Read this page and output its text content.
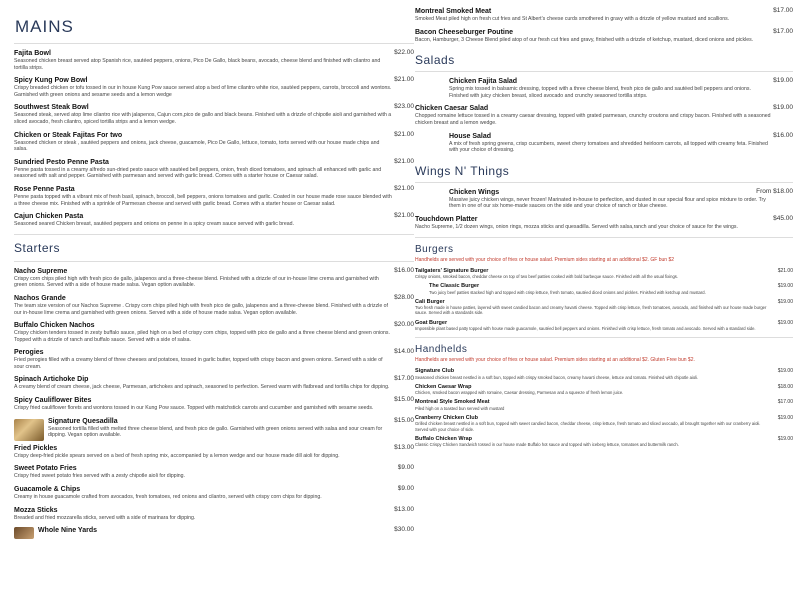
MAINS
Fajita Bowl	$22.00
Seasoned chicken breast served atop Spanish rice, sautéed peppers, onions, Pico De Gallo, black beans, avocado, cheese blend and finished with cilantro and tortilla strips.
Spicy Kung Pow Bowl	$21.00
Crispy breaded chicken or tofu tossed in our in house Kung Pow sauce served atop a bed of lime cilantro white rice, sautéed peppers, carrots, broccoli and wontons. Garnished with green onions and sesame seeds and a lemon wedge
Southwest Steak Bowl	$23.00
Seasoned steak, served atop lime cilantro rice with jalapenos, Cajun corn,pico de gallo and black beans. Finished with a drizzle of chipotle aioli and garnished with a sliced avocado, fresh cilantro, spiced tortilla strips and a lemon wedge.
Chicken or Steak Fajitas For two	$21.00
Seasoned chicken or steak , sautéed peppers and onions, jack cheese, guacamole, Pico De Gallo, lettuce, tomato, torts served with our house made chips and salsa.
Sundried Pesto Penne Pasta	$21.00
Penne pasta tossed in a creamy alfredo sun-dried pesto sauce with sautéed bell peppers, onion, fresh diced tomatoes, and spinach all enhanced with garlic and seasoned with salt and pepper. Garnished with parmesan and served with garlic bread. Comes with a starter house or Caesar salad.
Rose Penne Pasta	$21.00
Penne pasta topped with a vibrant mix of fresh basil, spinach, broccoli, bell peppers, onions tomatoes and garlic. Coated in our house made rose sauce blended with a three cheese mix. Finished with a sprinkle of Parmesan cheese and served with garlic bread. Comes with a starter house or Caesar salad.
Cajun Chicken Pasta	$21.00
Seasoned seared Chicken breast, sautéed peppers and onions on penne in a spicy cream sauce served with garlic bread.
Starters
Nacho Supreme	$16.00
Crispy corn chips piled high with fresh pico de gallo, jalapenos and a three-cheese blend. Finished with a drizzle of our in-house lime crema and garnished with green onions. Served with a side of house made salsa. Vegan option available.
Nachos Grande	$28.00
The team size version of our Nachos Supreme . Crispy corn chips piled high with fresh pico de gallo, jalapenos and a three-cheese blend. Finished with a drizzle of our in-house lime crema and garnished with green onions. Served with a side of house made salsa. Vegan option available.
Buffalo Chicken Nachos	$20.00
Crispy chicken tenders tossed in zesty buffalo sauce, piled high on a bed of crispy corn chips, topped with pico de gallo and a three cheese blend and green onions. Topped with a drizzle of ranch and buffalo sauce. Served with a side of salsa.
Perogies	$14.00
Fried perogies filled with a creamy blend of three cheeses and potatoes, tossed in garlic butter, topped with crispy bacon and green onions. Served with a side of sour cream.
Spinach Artichoke Dip	$17.00
A creamy blend of cream cheese, jack cheese, Parmesan, artichokes and spinach, seasoned to perfection. Served warm with flatbread and tortilla chips for dipping.
Spicy Cauliflower Bites	$15.00
Crispy fried cauliflower florets and wontons tossed in our Kung Pow sauce. Topped with matchstick carrots and cucumber and garnished with sesame seeds.
Signature Quesadilla	$15.00
Seasoned tortilla filled with melted three cheese blend, and fresh pico de gallo. Garnished with green onions served with salsa and sour cream for dipping. Vegan option available.
Fried Pickles	$13.00
Crispy deep-fried pickle spears served on a bed of fresh spring mix, accompanied by a lemon wedge and our house made dill aioli for dipping.
Sweet Potato Fries	$9.00
Crispy fried sweet potato fries served with a zesty chipotle aioli for dipping.
Guacamole & Chips	$9.00
Creamy in house guacamole crafted from avocados, fresh tomatoes, red onions and cilantro, served with crispy corn chips for dipping.
Mozza Sticks	$13.00
Breaded and fried mozzarella sticks, served with a side of marinara for dipping.
Whole Nine Yards	$30.00
Montreal Smoked Meat	$17.00
Smoked Meat piled high on fresh cut fries and St Albert's cheese curds smothered in gravy with a drizzle of yellow mustard and scallions.
Bacon Cheeseburger Poutine	$17.00
Bacon, Hamburger, 3 Cheese Blend piled atop of our fresh cut fries and gravy, finished with a drizzle of ketchup, mustard, diced onions and pickles.
Salads
Chicken Fajita Salad	$19.00
Spring mix tossed in balsamic dressing, topped with a three cheese blend, fresh pico de gallo and sautéed bell peppers and onions. Finished with juicy chicken breast, sliced avocado and crunchy seasoned tortilla strips.
Chicken Caesar Salad	$19.00
Chopped romaine lettuce tossed in a creamy caesar dressing, topped with grated parmesan, crunchy croutons and crispy bacon. Finished with a seasoned chicken breast and a lemon wedge.
House Salad	$16.00
A mix of fresh spring greens, crisp cucumbers, sweet cherry tomatoes and shredded heirloom carrots, all topped with creamy feta. Finished with your choice of dressing.
Wings N' Things
Chicken Wings	From $18.00
Massive juicy chicken wings, never frozen! Marinated in-house to perfection, and dusted in our special flour and spice mixture to order. Try them in one of our six home-made sauces on the side and your choice of ranch or blue cheese.
Touchdown Platter	$45.00
Nacho Supreme, 1/2 dozen wings, onion rings, mozza sticks and quesadilla. Served with salsa,ranch and your choice of sauce for the wings.
Burgers
Handhelds are served with your choice of fries or house salad. Premium sides starting at an additional $2. GF bun $2
Tailgaters' Signature Burger	$21.00
Crispy onions, smoked bacon, cheddar cheese on top of two beef patties cooked with bold barbeque sauce. Finished with all the usual fixings.
The Classic Burger	$19.00
Two juicy beef patties stacked high and topped with crisp lettuce, fresh tomato, sautéed diced onions and pickles. Finished with ketchup and mustard.
Cali Burger	$19.00
Two fresh made in house patties, layered with sweet candied bacon and creamy havarti cheese. Topped with crisp lettuce, fresh tomatoes, avocado, and finished with our house made burger sauce. Served with a standards side.
Goat Burger	$19.00
Impossible plant based patty topped with house made guacamole, sautéed bell peppers and onions. Finished with crisp lettuce, fresh tomato and avocado. Served with a standard side.
Handhelds
Handhelds are served with your choice of fries or house salad. Premium sides starting at an additional $2. Gluten Free bun $2.
Signature Club	$19.00
Seasoned chicken breast nestled in a soft bun, topped with crispy smoked bacon, creamy havarti cheese, lettuce and tomato. Finished with chipotle aioli.
Chicken Caesar Wrap	$18.00
Chicken, smoked bacon wrapped with romaine, Caesar dressing, Parmesan and a squeeze of fresh lemon juice.
Montreal Style Smoked Meat	$17.00
Piled high on a toasted bun served with mustard
Cranberry Chicken Club	$19.00
Grilled chicken breast nestled in a soft bun, topped with sweet candied bacon, cheddar cheese, crisp lettuce, fresh tomato and sliced avocado, all brought together with our cranberry aioli. Served with your choice of side.
Buffalo Chicken Wrap	$19.00
Classic Crispy Chicken Sandwich tossed in our house made Buffalo hot sauce and topped with iceberg lettuce, tomatoes and buttermilk ranch.
